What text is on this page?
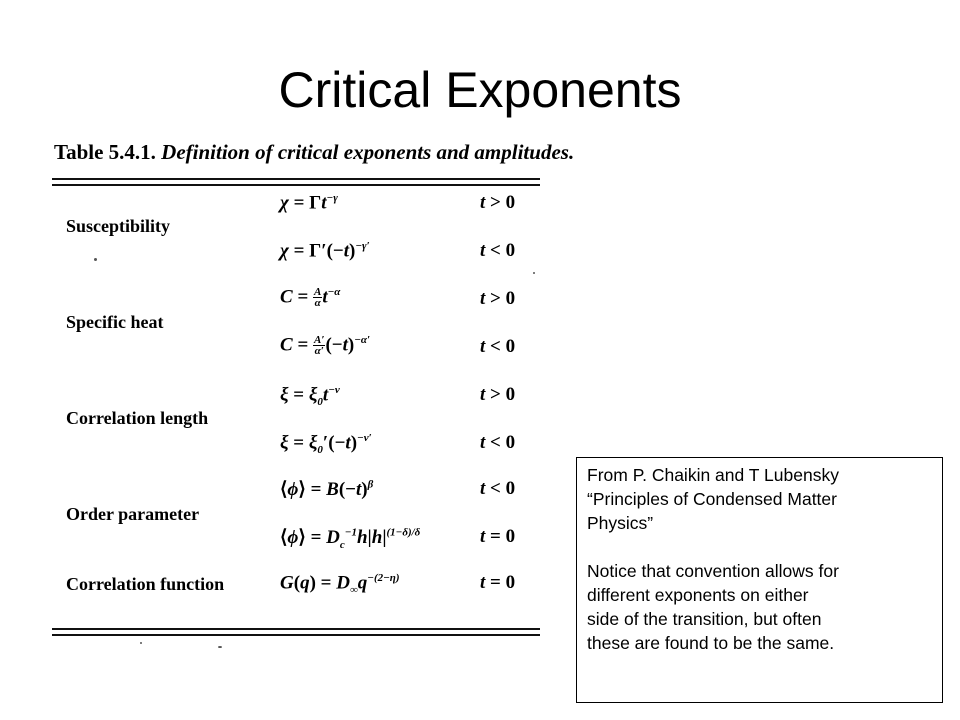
Critical Exponents
Table 5.4.1. Definition of critical exponents and amplitudes.
Susceptibility
$\chi = \Gamma t^{-\gamma}$	t > 0
$\chi = \Gamma'(-t)^{-\gamma'}$	t < 0
Specific heat
$C = \frac{A}{\alpha} t^{-\alpha}$	t > 0
$C = \frac{A'}{\alpha'} (-t)^{-\alpha'}$	t < 0
Correlation length
$\xi = \xi_0t^{-\nu}$	t > 0
$\xi = \xi_0'(-t)^{-\nu'}$	t < 0
Order parameter
⟨ϕ⟩ = $B(-t)^\beta$	t < 0
⟨ϕ⟩ = $D_c^{-1}h|h|^{(1-\delta)/\delta}$	t = 0
Correlation function	$G(q) = D_\infty q^{-(2-\eta)}$	t = 0

From P. Chaikin and T Lubensky

“Principles of Condensed Matter

Physics”

Notice that convention allows for

different exponents on either

side of the transition, but often

these are found to be the same.
